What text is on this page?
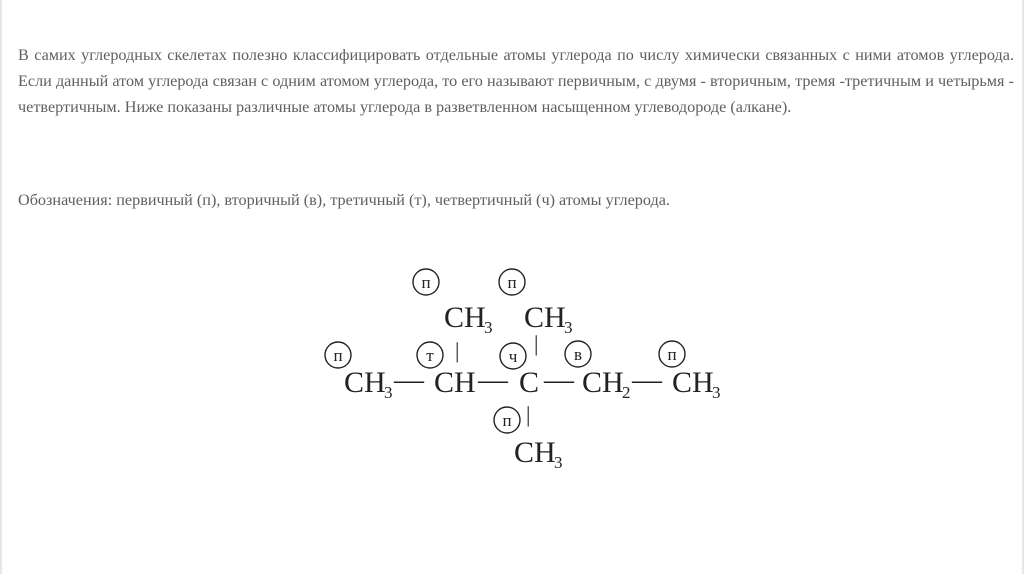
В самих углеродных скелетах полезно классифицировать отдельные атомы углерода по числу химически связанных с ними атомов углерода. Если данный атом углерода связан с одним атомом углерода, то его называют первичным, с двумя - вторичным, тремя -третичным и четырьмя - четвертичным. Ниже показаны различные атомы углерода в разветвленном насыщенном углеводороде (алкане).

Обозначения: первичный (п), вторичный (в), третичный (т), четвертичный (ч) атомы углерода.

CH
3 CH
3
|	|
CH
3 — CH — C — CH
2 — CH
3
|
CH
3
п	п
п	т	ч	в	п
п
